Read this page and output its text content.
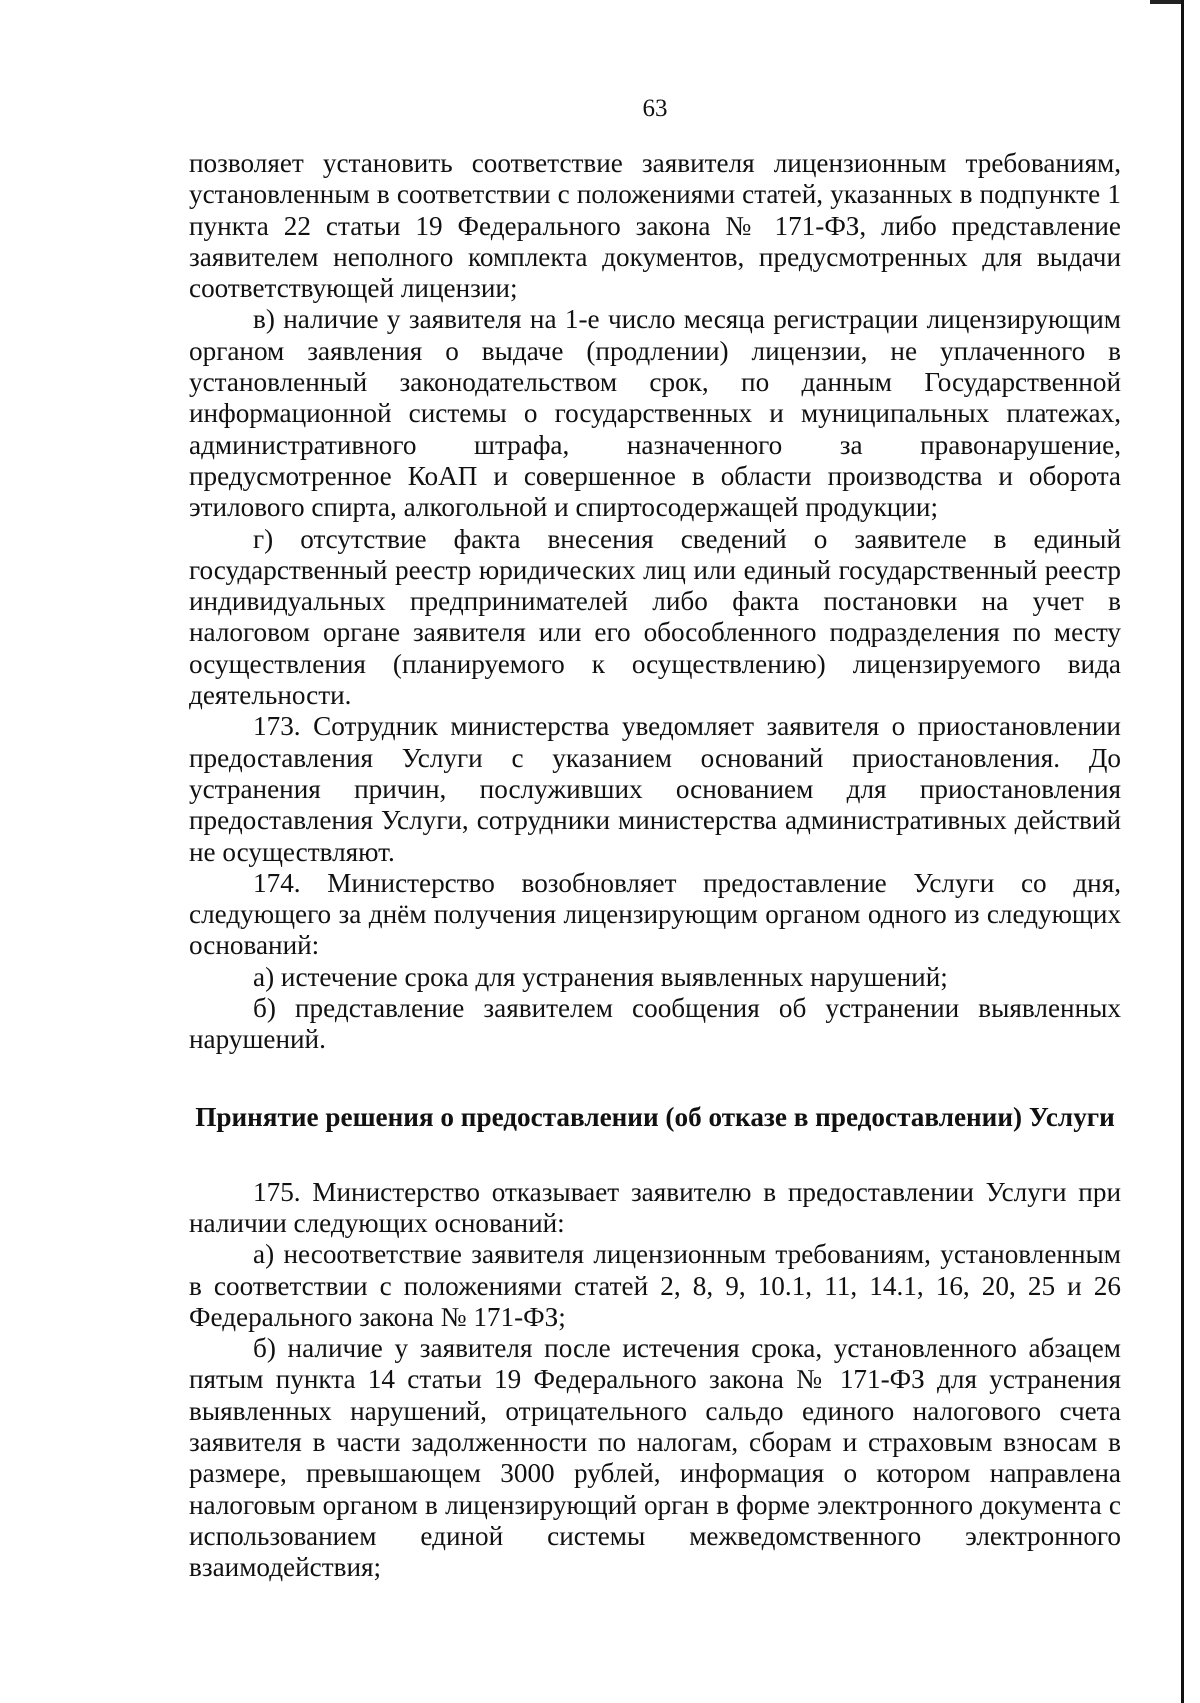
63

позволяет установить соответствие заявителя лицензионным требованиям, установленным в соответствии с положениями статей, указанных в подпункте 1 пункта 22 статьи 19 Федерального закона № 171-ФЗ, либо представление заявителем неполного комплекта документов, предусмотренных для выдачи соответствующей лицензии;

в) наличие у заявителя на 1-е число месяца регистрации лицензирующим органом заявления о выдаче (продлении) лицензии, не уплаченного в установленный законодательством срок, по данным Государственной информационной системы о государственных и муниципальных платежах, административного штрафа, назначенного за правонарушение, предусмотренное КоАП и совершенное в области производства и оборота этилового спирта, алкогольной и спиртосодержащей продукции;

г) отсутствие факта внесения сведений о заявителе в единый государственный реестр юридических лиц или единый государственный реестр индивидуальных предпринимателей либо факта постановки на учет в налоговом органе заявителя или его обособленного подразделения по месту осуществления (планируемого к осуществлению) лицензируемого вида деятельности.

173. Сотрудник министерства уведомляет заявителя о приостановлении предоставления Услуги с указанием оснований приостановления. До устранения причин, послуживших основанием для приостановления предоставления Услуги, сотрудники министерства административных действий не осуществляют.

174. Министерство возобновляет предоставление Услуги со дня, следующего за днём получения лицензирующим органом одного из следующих оснований:

а) истечение срока для устранения выявленных нарушений;

б) представление заявителем сообщения об устранении выявленных нарушений.

Принятие решения о предоставлении (об отказе в предоставлении) Услуги

175. Министерство отказывает заявителю в предоставлении Услуги при наличии следующих оснований:

а) несоответствие заявителя лицензионным требованиям, установленным в соответствии с положениями статей 2, 8, 9, 10.1, 11, 14.1, 16, 20, 25 и 26 Федерального закона № 171-ФЗ;

б) наличие у заявителя после истечения срока, установленного абзацем пятым пункта 14 статьи 19 Федерального закона № 171-ФЗ для устранения выявленных нарушений, отрицательного сальдо единого налогового счета заявителя в части задолженности по налогам, сборам и страховым взносам в размере, превышающем 3000 рублей, информация о котором направлена налоговым органом в лицензирующий орган в форме электронного документа с использованием единой системы межведомственного электронного взаимодействия;
